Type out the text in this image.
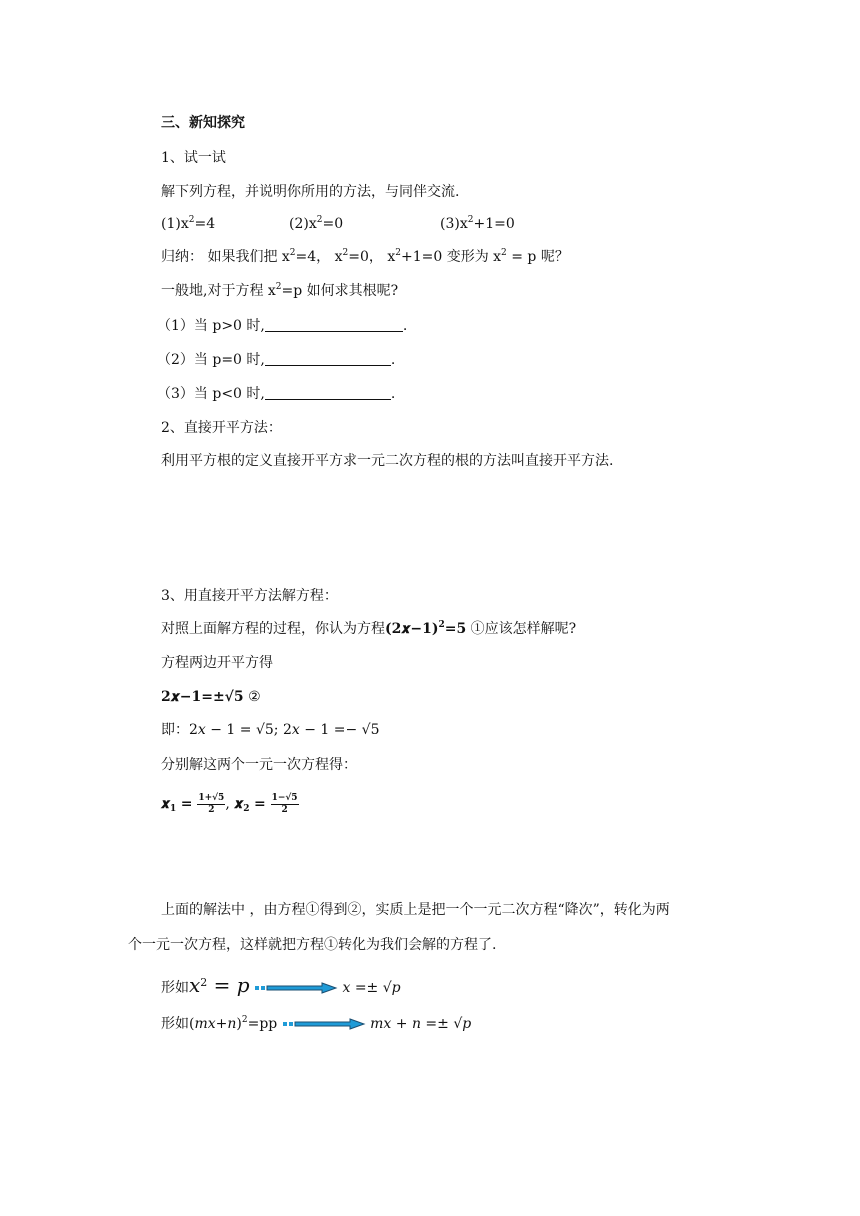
三、新知探究
1、试一试
解下列方程，并说明你所用的方法，与同伴交流.
$(1)x^2=4$	$(2)x^2=0$	$(3)x^2+1=0$
归纳： 如果我们把 $x^2=4$， $x^2=0$， $x^2+1=0$ 变形为 $x^2 = p$ 呢？
一般地,对于方程 $x^2=p$ 如何求其根呢?
（1）当 p>0 时,	.
（2）当 p=0 时,	.
（3）当 p<0 时,	.
2、直接开平方法：
利用平方根的定义直接开平方求一元二次方程的根的方法叫直接开平方法.
3、用直接开平方法解方程：
对照上面解方程的过程，你认为方程(2𝒙−1)$^2$=5 ①应该怎样解呢?
方程两边开平方得
2𝒙−1=±√5 ②
即：2𝑥 − 1 = √5; 2𝑥 − 1 =− √5
分别解这两个一元一次方程得：
𝒙$_1$ = $\frac{1+√5}{2}$ , 𝒙$_2$ = $\frac{1-√5}{2}$
上面的解法中 ，由方程①得到②，实质上是把一个一元二次方程“降次”，转化为两
个一元一次方程，这样就把方程①转化为我们会解的方程了.
形如𝑥$^2$ = 𝑝	𝑥 =± √𝑝
形如(𝑚𝑥+𝑛)$^2$=pp	𝑚𝑥 + 𝑛 =± √𝑝
